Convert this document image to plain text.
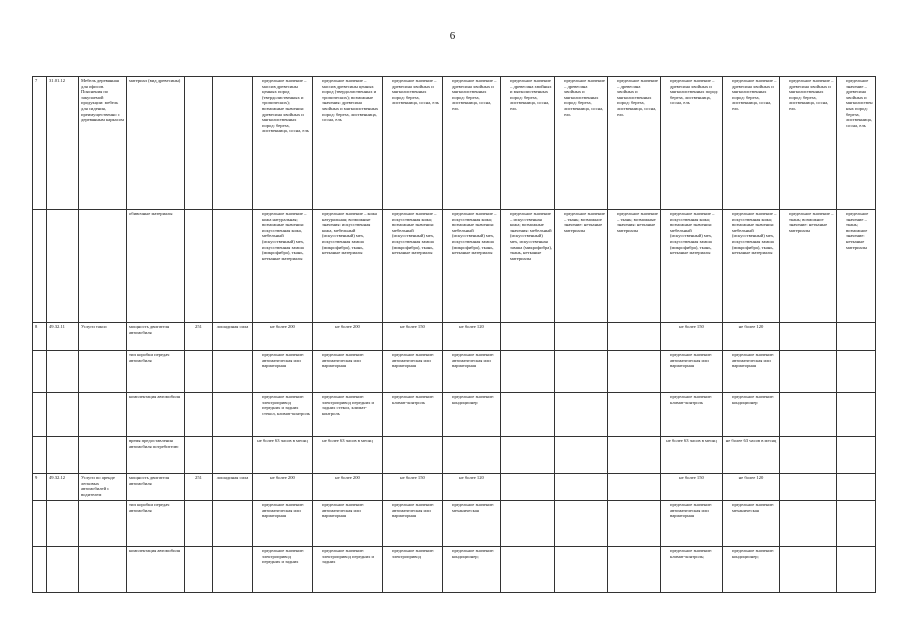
6
7	31.01.12	Мебель деревянная для офисов. Пояснения по закупаемой продукции: мебель для сидения, преимущественно с деревянным каркасом	материал (вид древесины)			предельное значение – массив древесины ценных пород (твердолиственных и тропических); возможные значения: древесина хвойных и мягколиственных пород: береза, лиственница, сосна, ель	предельное значение – массив древесины ценных пород (твердолиственных и тропических); возможные значения: древесина хвойных и мягколиственных пород: береза, лиственница, сосна, ель	предельное значение – древесина хвойных и мягколиственных пород: береза, лиственница, сосна, ель	предельное значение – древесина хвойных и мягколиственных пород: береза, лиственница, сосна, ель	предельное значение – древесина хвойных и мягколиственных пород: береза, лиственница, сосна, ель	предельное значение – древесина хвойных и мягколиственных пород: береза, лиственница, сосна, ель	предельное значение – древесина хвойных и мягколиственных пород: береза, лиственница, сосна, ель	предельное значение – древесина хвойных и мягколиственных пород: береза, лиственница, сосна, ель	предельное значение – древесина хвойных и мягколиственных пород: береза, лиственница, сосна, ель	предельное значение – древесина хвойных и мягколиственных пород: береза, лиственница, сосна, ель	предельное значение – древесина хвойных и мягколиственных пород: береза, лиственница, сосна, ель
			обивочные материалы			предельное значение – кожа натуральная; возможные значения: искусственная кожа, мебельный (искусственный) мех, искусственная замша (микрофибра), ткань, нетканые материалы	предельное значение – кожа натуральная; возможные значения: искусственная кожа, мебельный (искусственный) мех, искусственная замша (микрофибра), ткань, нетканые материалы	предельное значение – искусственная кожа; возможные значения: мебельный (искусственный) мех, искусственная замша (микрофибра), ткань, нетканые материалы	предельное значение – искусственная кожа; возможные значения: мебельный (искусственный) мех, искусственная замша (микрофибра), ткань, нетканые материалы	предельное значение – искусственная кожа; возможные значения: мебельный (искусственный) мех, искусственная замша (микрофибра), ткань, нетканые материалы	предельное значение – ткань; возможное значение: нетканые материалы	предельное значение – ткань; возможные значения: нетканые материалы	предельное значение – искусственная кожа; возможные значения: мебельный (искусственный) мех, искусственная замша (микрофибра), ткань, нетканые материалы	предельное значение – искусственная кожа; возможные значения: мебельный (искусственный) мех, искусственная замша (микрофибра), ткань, нетканые материалы	предельное значение – ткань; возможное значение: нетканые материалы	предельное значение – ткань; возможное значение: нетканые материалы
8	49.32.11	Услуги такси	мощность двигателя автомобиля	251	лошадиная сила	не более 200	не более 200	не более 150	не более 120				не более 150	не более 120		
			тип коробки передач автомобиля			предельное значение: автоматическая или вариаторная	предельное значение: автоматическая или вариаторная	предельное значение: автоматическая или вариаторная	предельное значение: автоматическая или вариаторная				предельное значение: автоматическая или вариаторная	предельное значение: автоматическая или вариаторная		
			комплектация автомобиля			предельное значение: электропривод передних и задних стекол, климат-контроль	предельное значение: электропривод передних и задних стекол, климат-контроль	предельное значение: климат-контроль	предельное значение: кондиционер				предельное значение: климат-контроль	предельное значение: кондиционер		
			время предоставления автомобиля потребителю			не более 63 часов в месяц	не более 63 часов в месяц						не более 63 часов в месяц	не более 63 часов в месяц		
9	49.32.12	Услуги по аренде легковых автомобилей с водителем	мощность двигателя автомобиля	251	лошадиная сила	не более 200	не более 200	не более 150	не более 120				не более 150	не более 120		
			тип коробки передач автомобиля			предельное значение: автоматическая или вариаторная	предельное значение: автоматическая или вариаторная	предельное значение: автоматическая или вариаторная	предельное значение: механическая				предельное значение: автоматическая или вариаторная	предельное значение: механическая		
			комплектация автомобиля			предельное значение: электропривод передних и задних	предельное значение: электропривод передних и задних	предельное значение: электропривод	предельное значение: кондиционер;				предельное значение: климат-контроль;	предельное значение: кондиционер;		
